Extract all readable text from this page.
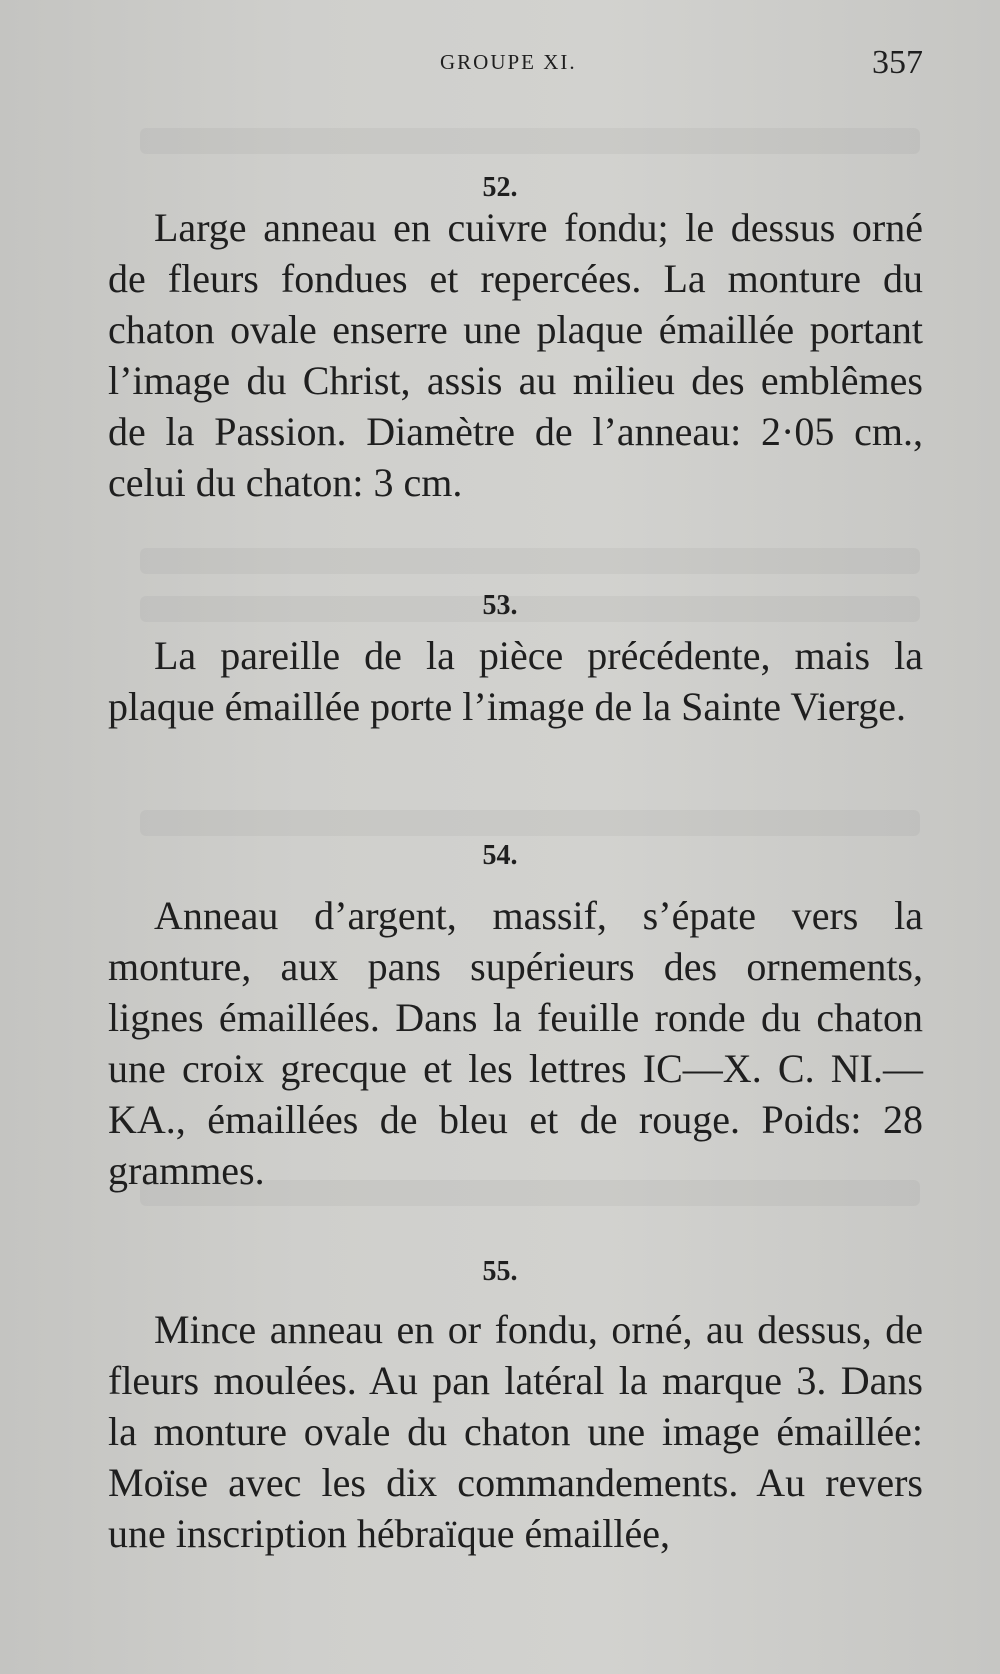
GROUPE XI.	357
52.

Large anneau en cuivre fondu; le dessus orné de fleurs fondues et repercées. La monture du chaton ovale enserre une plaque émaillée portant l’image du Christ, assis au milieu des emblêmes de la Passion. Diamètre de l’anneau: 2·05 cm., celui du chaton: 3 cm.

53.

La pareille de la pièce précédente, mais la plaque émaillée porte l’image de la Sainte Vierge.

54.

Anneau d’argent, massif, s’épate vers la monture, aux pans supérieurs des ornements, lignes émaillées. Dans la feuille ronde du chaton une croix grecque et les lettres IC—X. C. NI.—KA., émaillées de bleu et de rouge. Poids: 28 grammes.

55.

Mince anneau en or fondu, orné, au dessus, de fleurs moulées. Au pan latéral la marque 3. Dans la monture ovale du chaton une image émaillée: Moïse avec les dix commandements. Au revers une inscription hébraïque émaillée,
